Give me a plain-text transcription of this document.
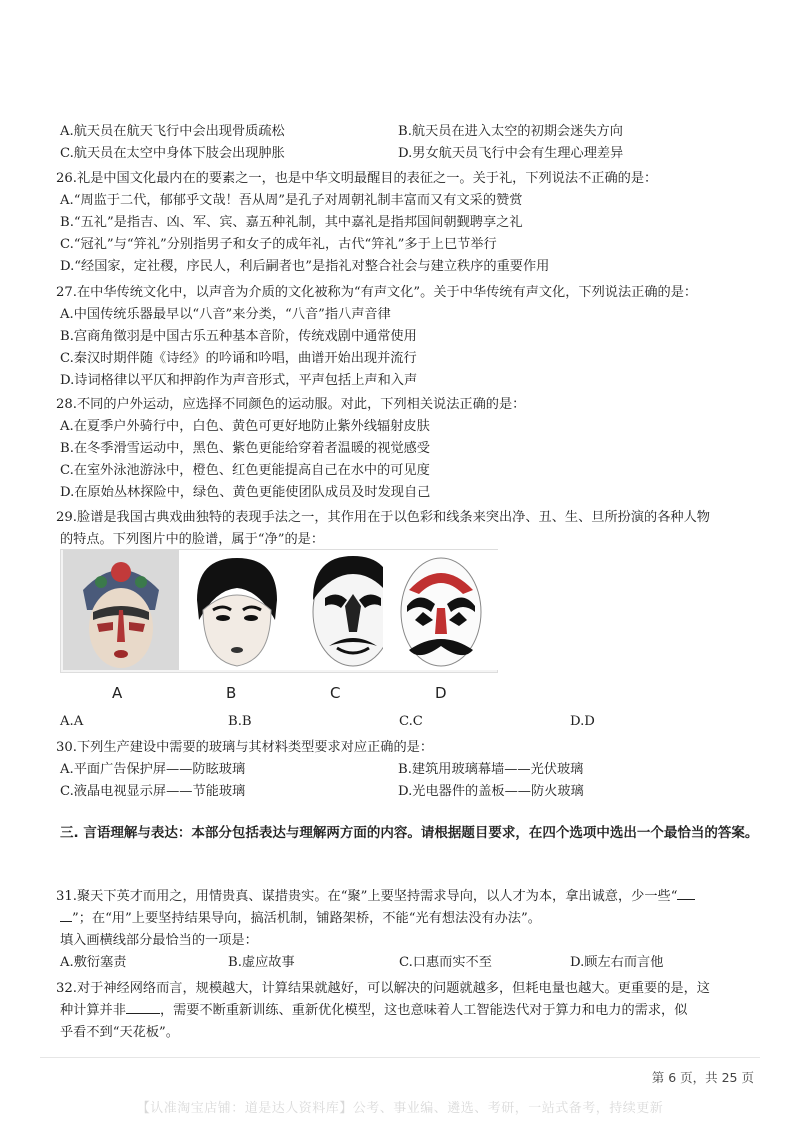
A.航天员在航天飞行中会出现骨质疏松	B.航天员在进入太空的初期会迷失方向
C.航天员在太空中身体下肢会出现肿胀	D.男女航天员飞行中会有生理心理差异
26.礼是中国文化最内在的要素之一，也是中华文明最醒目的表征之一。关于礼，下列说法不正确的是：
A.“周监于二代，郁郁乎文哉！吾从周”是孔子对周朝礼制丰富而又有文采的赞赏
B.“五礼”是指吉、凶、军、宾、嘉五种礼制，其中嘉礼是指邦国间朝觐聘享之礼
C.“冠礼”与“笄礼”分别指男子和女子的成年礼，古代“笄礼”多于上巳节举行
D.“经国家，定社稷，序民人，利后嗣者也”是指礼对整合社会与建立秩序的重要作用
27.在中华传统文化中，以声音为介质的文化被称为“有声文化”。关于中华传统有声文化，下列说法正确的是：
A.中国传统乐器最早以“八音”来分类，“八音”指八声音律
B.宫商角徵羽是中国古乐五种基本音阶，传统戏剧中通常使用
C.秦汉时期伴随《诗经》的吟诵和吟唱，曲谱开始出现并流行
D.诗词格律以平仄和押韵作为声音形式，平声包括上声和入声
28.不同的户外运动，应选择不同颜色的运动服。对此，下列相关说法正确的是：
A.在夏季户外骑行中，白色、黄色可更好地防止紫外线辐射皮肤
B.在冬季滑雪运动中，黑色、紫色更能给穿着者温暖的视觉感受
C.在室外泳池游泳中，橙色、红色更能提高自己在水中的可见度
D.在原始丛林探险中，绿色、黄色更能使团队成员及时发现自己
29.脸谱是我国古典戏曲独特的表现手法之一，其作用在于以色彩和线条来突出净、丑、生、旦所扮演的各种人物
的特点。下列图片中的脸谱，属于“净”的是：
A	B	C	D
A.A	B.B	C.C	D.D
30.下列生产建设中需要的玻璃与其材料类型要求对应正确的是：
A.平面广告保护屏——防眩玻璃	B.建筑用玻璃幕墙——光伏玻璃
C.液晶电视显示屏——节能玻璃	D.光电器件的盖板——防火玻璃
三. 言语理解与表达：本部分包括表达与理解两方面的内容。请根据题目要求，在四个选项中选出一个最恰当的答案。
31.聚天下英才而用之，用情贵真、谋措贵实。在“聚”上要坚持需求导向，以人才为本，拿出诚意，少一些“
”；在“用”上要坚持结果导向，搞活机制，铺路架桥，不能“光有想法没有办法”。
填入画横线部分最恰当的一项是：
A.敷衍塞责	B.虚应故事	C.口惠而实不至	D.顾左右而言他
32.对于神经网络而言，规模越大，计算结果就越好，可以解决的问题就越多，但耗电量也越大。更重要的是，这
种计算并非	，需要不断重新训练、重新优化模型，这也意味着人工智能迭代对于算力和电力的需求，似
乎看不到“天花板”。
第 6 页，共 25 页
【认准淘宝店铺：道是达人资料库】公考、事业编、遴选、考研，一站式备考，持续更新
